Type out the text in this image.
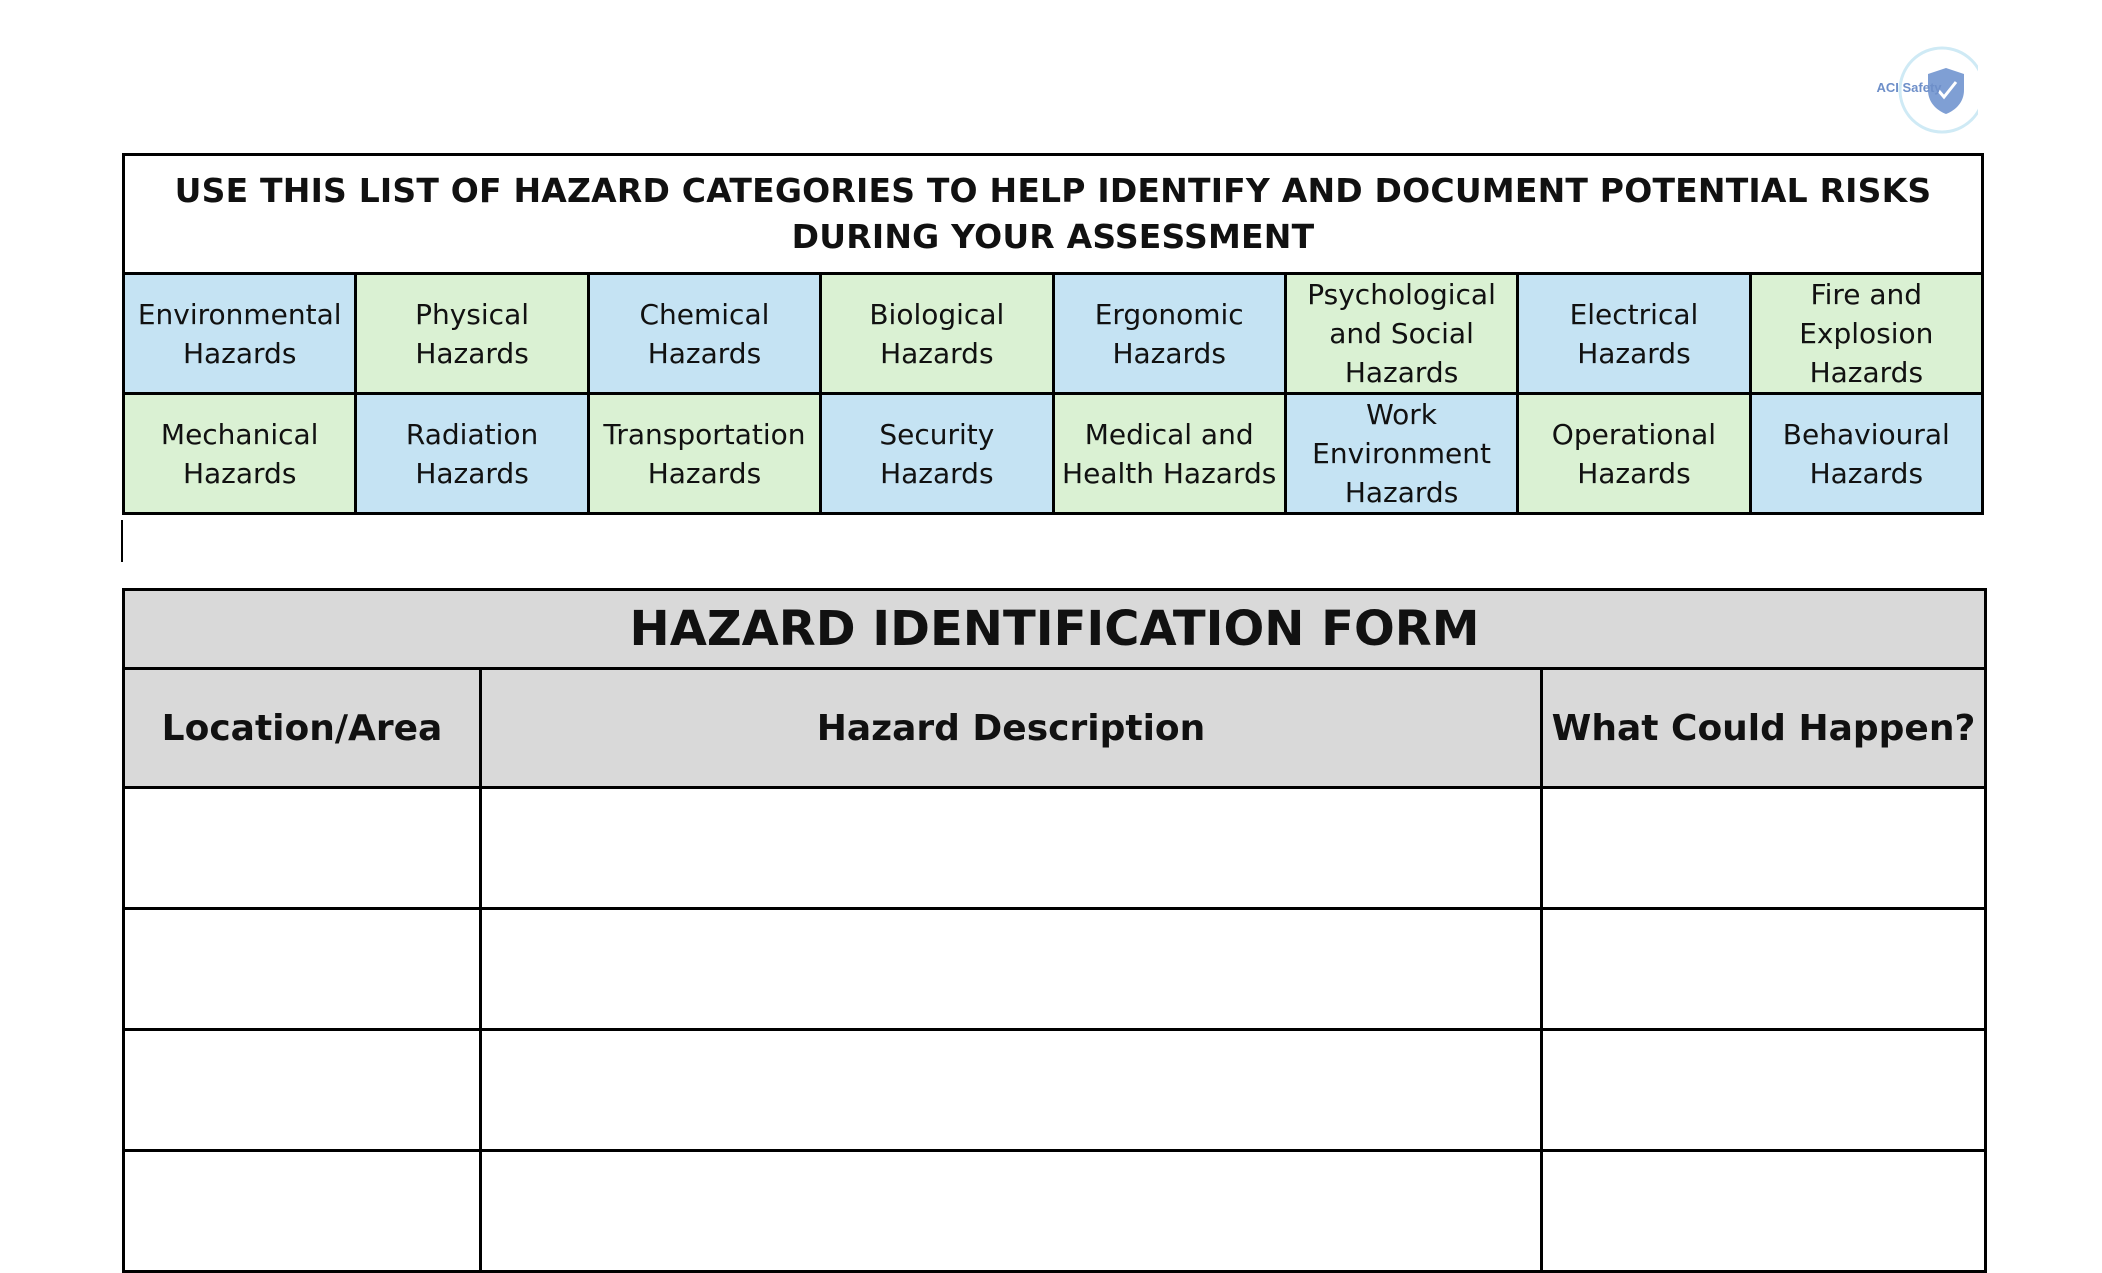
ACI Safety
USE THIS LIST OF HAZARD CATEGORIES TO HELP IDENTIFY AND DOCUMENT POTENTIAL RISKS DURING YOUR ASSESSMENT							
Environmental Hazards	Physical Hazards	Chemical Hazards	Biological Hazards	Ergonomic Hazards	Psychological and Social Hazards	Electrical Hazards	Fire and Explosion Hazards
Mechanical Hazards	Radiation Hazards	Transportation Hazards	Security Hazards	Medical and Health Hazards	Work Environment Hazards	Operational Hazards	Behavioural Hazards
HAZARD IDENTIFICATION FORM		
Location/Area	Hazard Description	What Could Happen?
